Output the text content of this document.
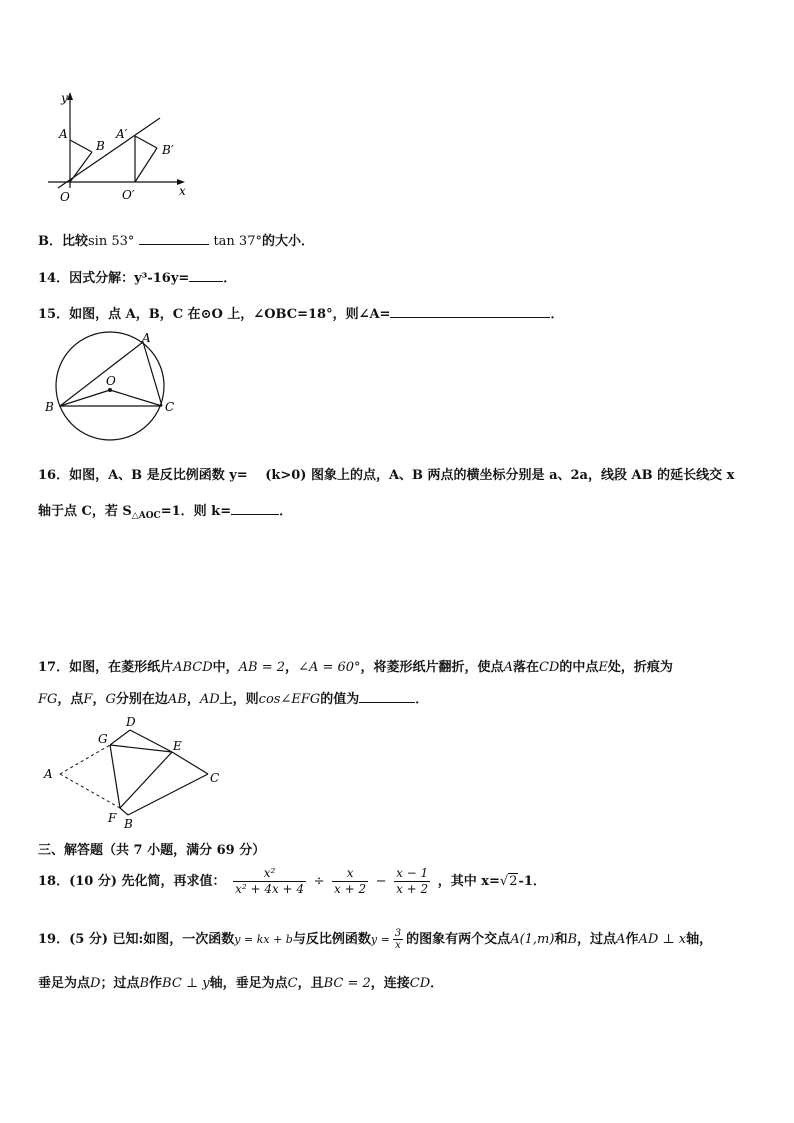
y
x
A
B
O
A′
B′
O′
B．比较sin 53°	tan 37°的大小．
14．因式分解：y³-16y=	．
15．如图，点 A，B，C 在⊙O 上，∠OBC=18°，则∠A=	．
A
B	C
O
16．如图，A、B 是反比例函数 y=　 (k>0) 图象上的点，A、B 两点的横坐标分别是 a、2a，线段 AB 的延长线交 x
轴于点 C，若 $S_{\triangle AOC}=1$．则 k=	．
17．如图，在菱形纸片ABCD中，AB = 2，∠A = 60°，将菱形纸片翻折，使点A落在CD的中点E处，折痕为
FG，点F，G分别在边AB，AD上，则cos∠EFG的值为	．
A
B
C
D
E
F
G
三、解答题（共 7 小题，满分 69 分）
18．(10 分) 先化简，再求值： $\frac{\text{x²}}{\text{x² + 4x + 4}} \div \frac{x}{x + 2} - \frac{x - 1}{x + 2}$ ，其中 x=√2-1．
19．(5 分) 已知:如图，一次函数y = kx + b与反比例函数$y = \frac{3}{x}$ 的图象有两个交点A(1,m)和B，过点A作AD ⊥ x轴，
垂足为点D；过点B作BC ⊥ y轴，垂足为点C，且BC = 2，连接CD．
